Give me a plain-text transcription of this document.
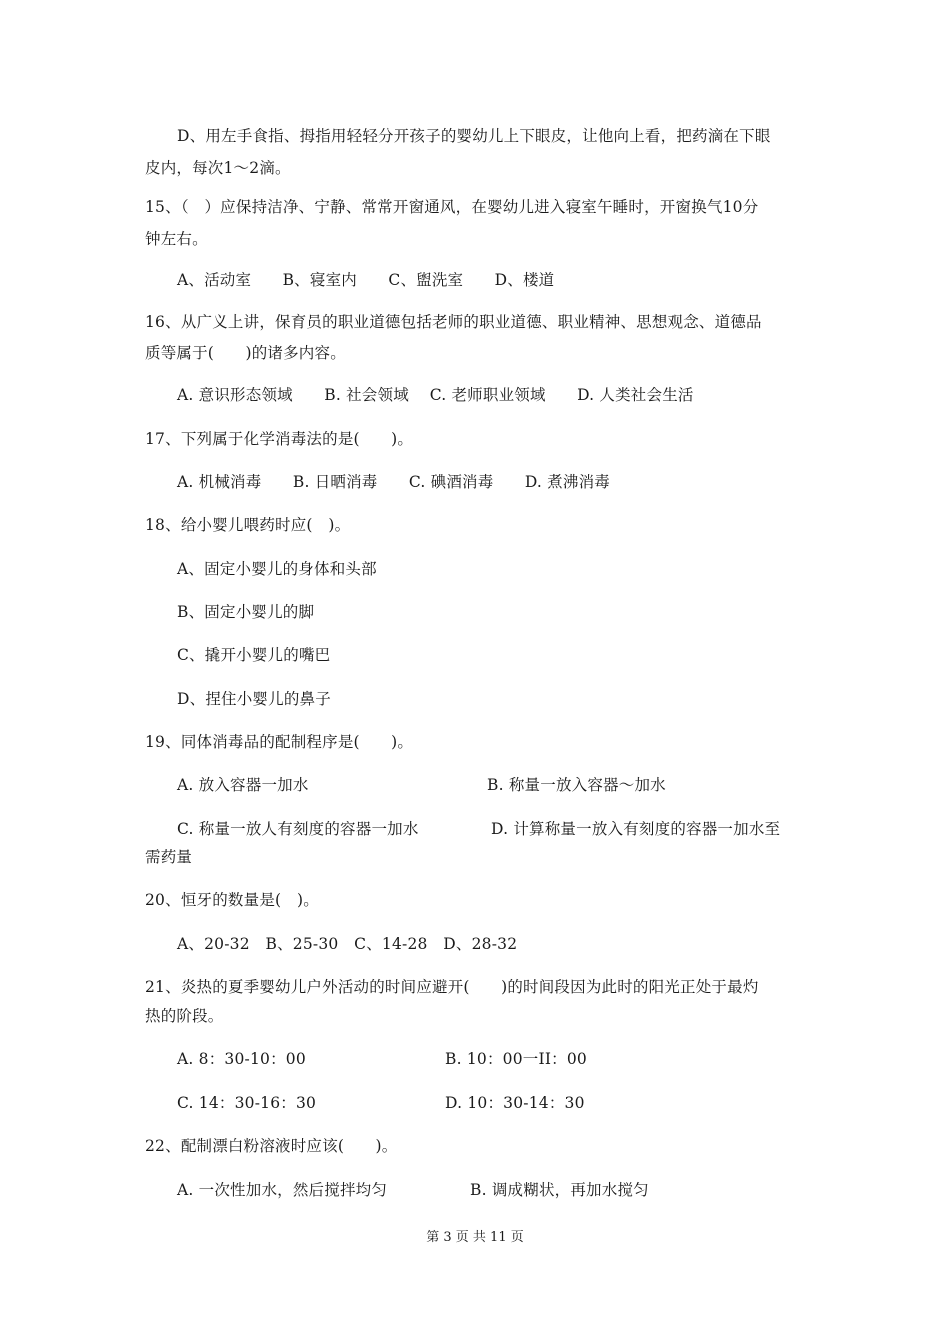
D、用左手食指、拇指用轻轻分开孩子的婴幼儿上下眼皮，让他向上看，把药滴在下眼
皮内，每次1～2滴。
15、（　）应保持洁净、宁静、常常开窗通风，在婴幼儿进入寝室午睡时，开窗换气10分
钟左右。
A、活动室　　B、寝室内　　C、盥洗室　　D、楼道
16、从广义上讲，保育员的职业道德包括老师的职业道德、职业精神、思想观念、道德品
质等属于(　　)的诸多内容。
A. 意识形态领域　　B. 社会领域　 C. 老师职业领域　　D. 人类社会生活
17、下列属于化学消毒法的是(　　)。
A. 机械消毒　　B. 日晒消毒　　C. 碘酒消毒　　D. 煮沸消毒
18、给小婴儿喂药时应(　)。
A、固定小婴儿的身体和头部
B、固定小婴儿的脚
C、撬开小婴儿的嘴巴
D、捏住小婴儿的鼻子
19、同体消毒品的配制程序是(　　)。
A. 放入容器一加水	B. 称量一放入容器～加水
C. 称量一放人有刻度的容器一加水	D. 计算称量一放入有刻度的容器一加水至
需药量
20、恒牙的数量是(　)。
A、20-32　B、25-30　C、14-28　D、28-32
21、炎热的夏季婴幼儿户外活动的时间应避开(　　)的时间段因为此时的阳光正处于最灼
热的阶段。
A. 8：30-10：00	B. 10：00一II：00
C. 14：30-16：30	D. 10：30-14：30
22、配制漂白粉溶液时应该(　　)。
A. 一次性加水，然后搅拌均匀	B. 调成糊状，再加水搅匀
第 3 页 共 11 页
